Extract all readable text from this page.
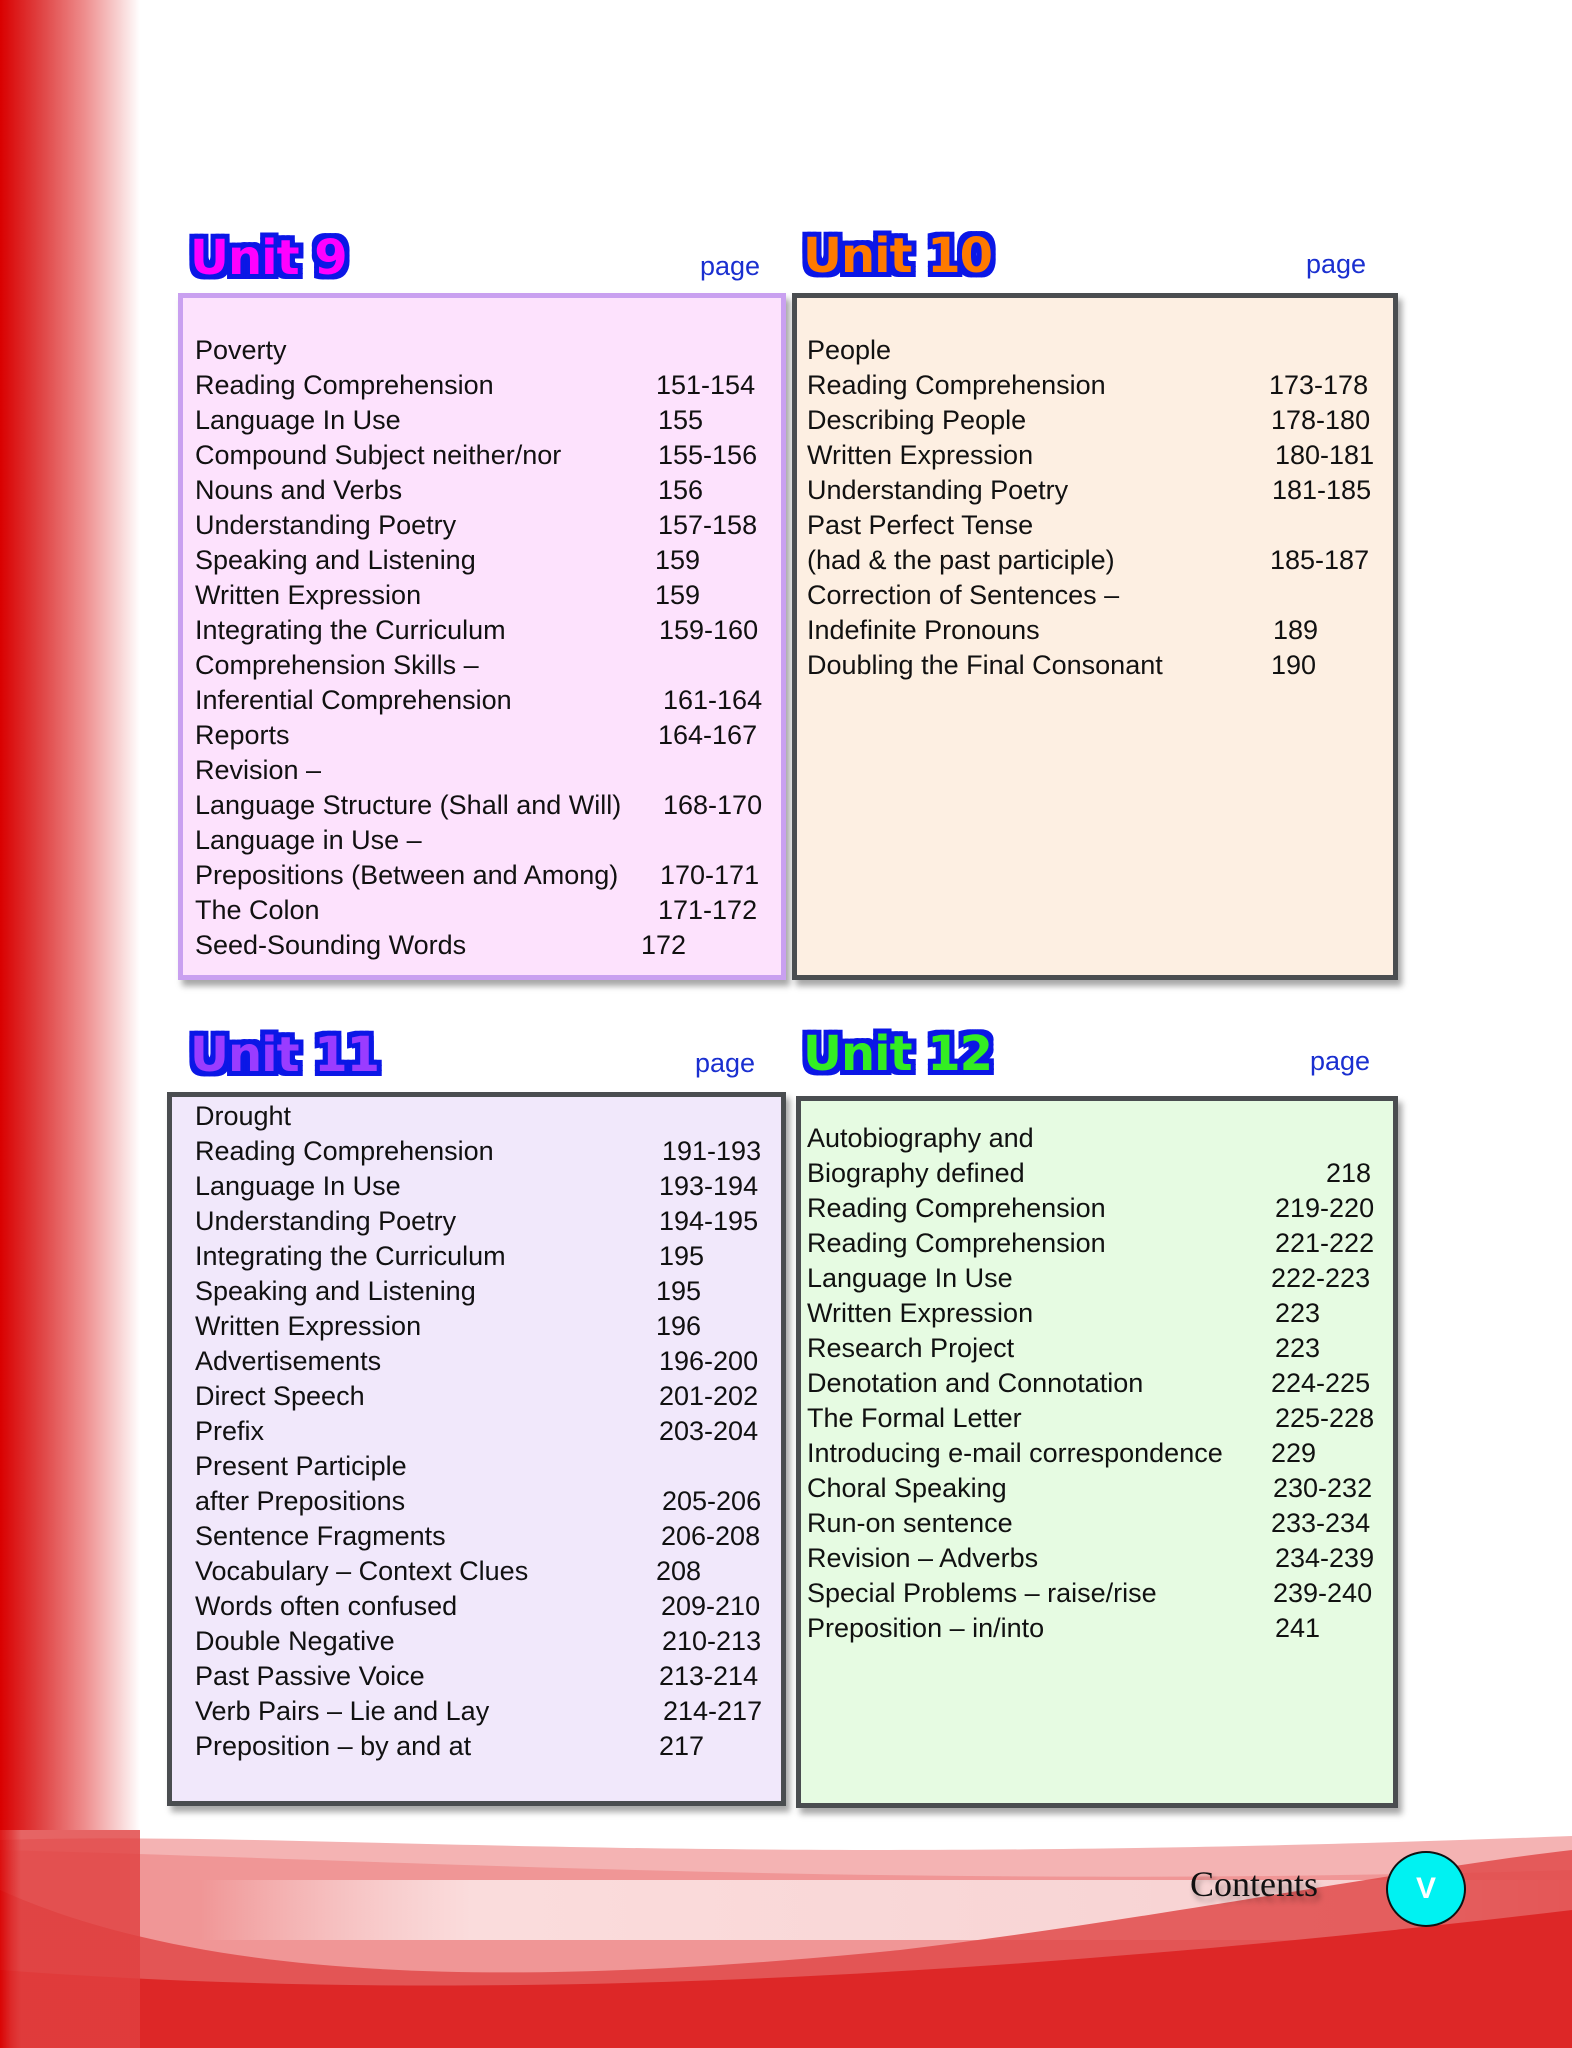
Unit 9	page
Poverty
Reading Comprehension	151-154
Language In Use	155
Compound Subject neither/nor	155-156
Nouns and Verbs	156
Understanding Poetry	157-158
Speaking and Listening	159
Written Expression	159
Integrating the Curriculum	159-160
Comprehension Skills –
Inferential Comprehension	161-164
Reports	164-167
Revision –
Language Structure (Shall and Will) 168-170
Language in Use –
Prepositions (Between and Among) 170-171
The Colon	171-172
Seed-Sounding Words	172
Unit 10	page
People
Reading Comprehension	173-178
Describing People	178-180
Written Expression	180-181
Understanding Poetry	181-185
Past Perfect Tense
(had & the past participle)	185-187
Correction of Sentences –
Indefinite Pronouns	189
Doubling the Final Consonant	190
Unit 11	page
Drought
Reading Comprehension	191-193
Language In Use	193-194
Understanding Poetry	194-195
Integrating the Curriculum	195
Speaking and Listening	195
Written Expression	196
Advertisements	196-200
Direct Speech	201-202
Prefix	203-204
Present Participle
after Prepositions	205-206
Sentence Fragments	206-208
Vocabulary – Context Clues	208
Words often confused	209-210
Double Negative	210-213
Past Passive Voice	213-214
Verb Pairs – Lie and Lay	214-217
Preposition – by and at	217
Unit 12	page
Autobiography and
Biography defined	218
Reading Comprehension	219-220
Reading Comprehension	221-222
Language In Use	222-223
Written Expression	223
Research Project	223
Denotation and Connotation	224-225
The Formal Letter	225-228
Introducing e-mail correspondence 229
Choral Speaking	230-232
Run-on sentence	233-234
Revision – Adverbs	234-239
Special Problems – raise/rise	239-240
Preposition – in/into	241
Contents	V
